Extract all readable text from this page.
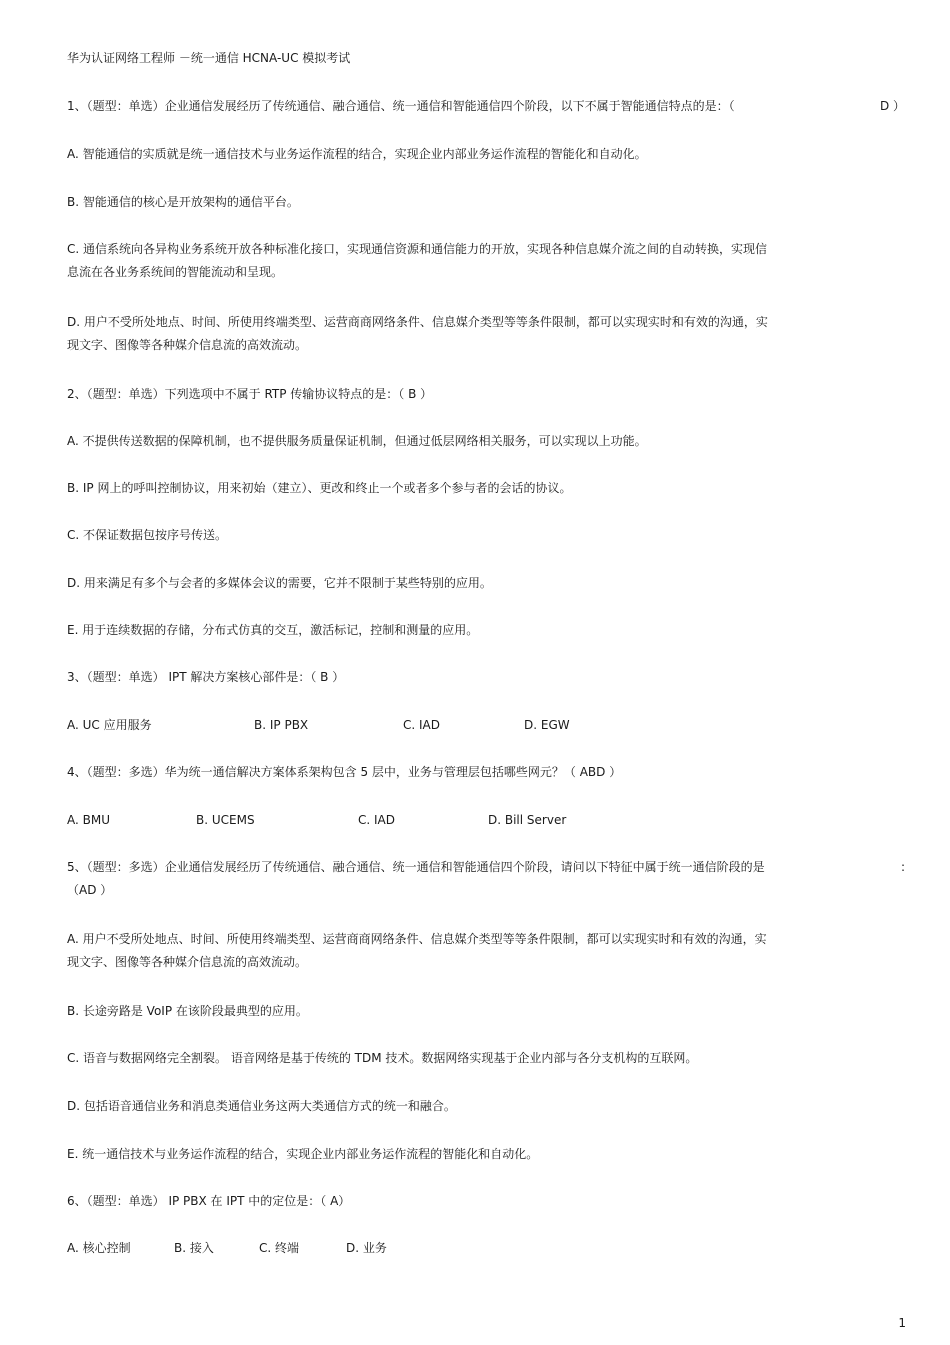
华为认证网络工程师 －统一通信 HCNA-UC 模拟考试
1、（题型：单选）企业通信发展经历了传统通信、融合通信、统一通信和智能通信四个阶段，以下不属于智能通信特点的是：（	D ）
A. 智能通信的实质就是统一通信技术与业务运作流程的结合，实现企业内部业务运作流程的智能化和自动化。
B. 智能通信的核心是开放架构的通信平台。
C. 通信系统向各异构业务系统开放各种标准化接口，实现通信资源和通信能力的开放，实现各种信息媒介流之间的自动转换，实现信
息流在各业务系统间的智能流动和呈现。
D. 用户不受所处地点、时间、所使用终端类型、运营商商网络条件、信息媒介类型等等条件限制，都可以实现实时和有效的沟通，实
现文字、图像等各种媒介信息流的高效流动。
2、（题型：单选）下列选项中不属于 RTP 传输协议特点的是：（ B ）
A. 不提供传送数据的保障机制，也不提供服务质量保证机制，但通过低层网络相关服务，可以实现以上功能。
B. IP 网上的呼叫控制协议，用来初始（建立）、更改和终止一个或者多个参与者的会话的协议。
C. 不保证数据包按序号传送。
D. 用来满足有多个与会者的多媒体会议的需要，它并不限制于某些特别的应用。
E. 用于连续数据的存储，分布式仿真的交互，激活标记，控制和测量的应用。
3、（题型：单选） IPT 解决方案核心部件是：（ B ）
A. UC 应用服务	B. IP PBX	C. IAD	D. EGW
4、（题型：多选）华为统一通信解决方案体系架构包含 5 层中，业务与管理层包括哪些网元？（ ABD ）
A. BMU	B. UCEMS	C. IAD	D. Bill Server
5、（题型：多选）企业通信发展经历了传统通信、融合通信、统一通信和智能通信四个阶段，请问以下特征中属于统一通信阶段的是	:
（AD ）
A. 用户不受所处地点、时间、所使用终端类型、运营商商网络条件、信息媒介类型等等条件限制，都可以实现实时和有效的沟通，实
现文字、图像等各种媒介信息流的高效流动。
B. 长途旁路是 VoIP 在该阶段最典型的应用。
C. 语音与数据网络完全割裂。 语音网络是基于传统的 TDM 技术。数据网络实现基于企业内部与各分支机构的互联网。
D. 包括语音通信业务和消息类通信业务这两大类通信方式的统一和融合。
E. 统一通信技术与业务运作流程的结合，实现企业内部业务运作流程的智能化和自动化。
6、（题型：单选） IP PBX 在 IPT 中的定位是：（ A）
A. 核心控制	B. 接入	C. 终端	D. 业务
1
